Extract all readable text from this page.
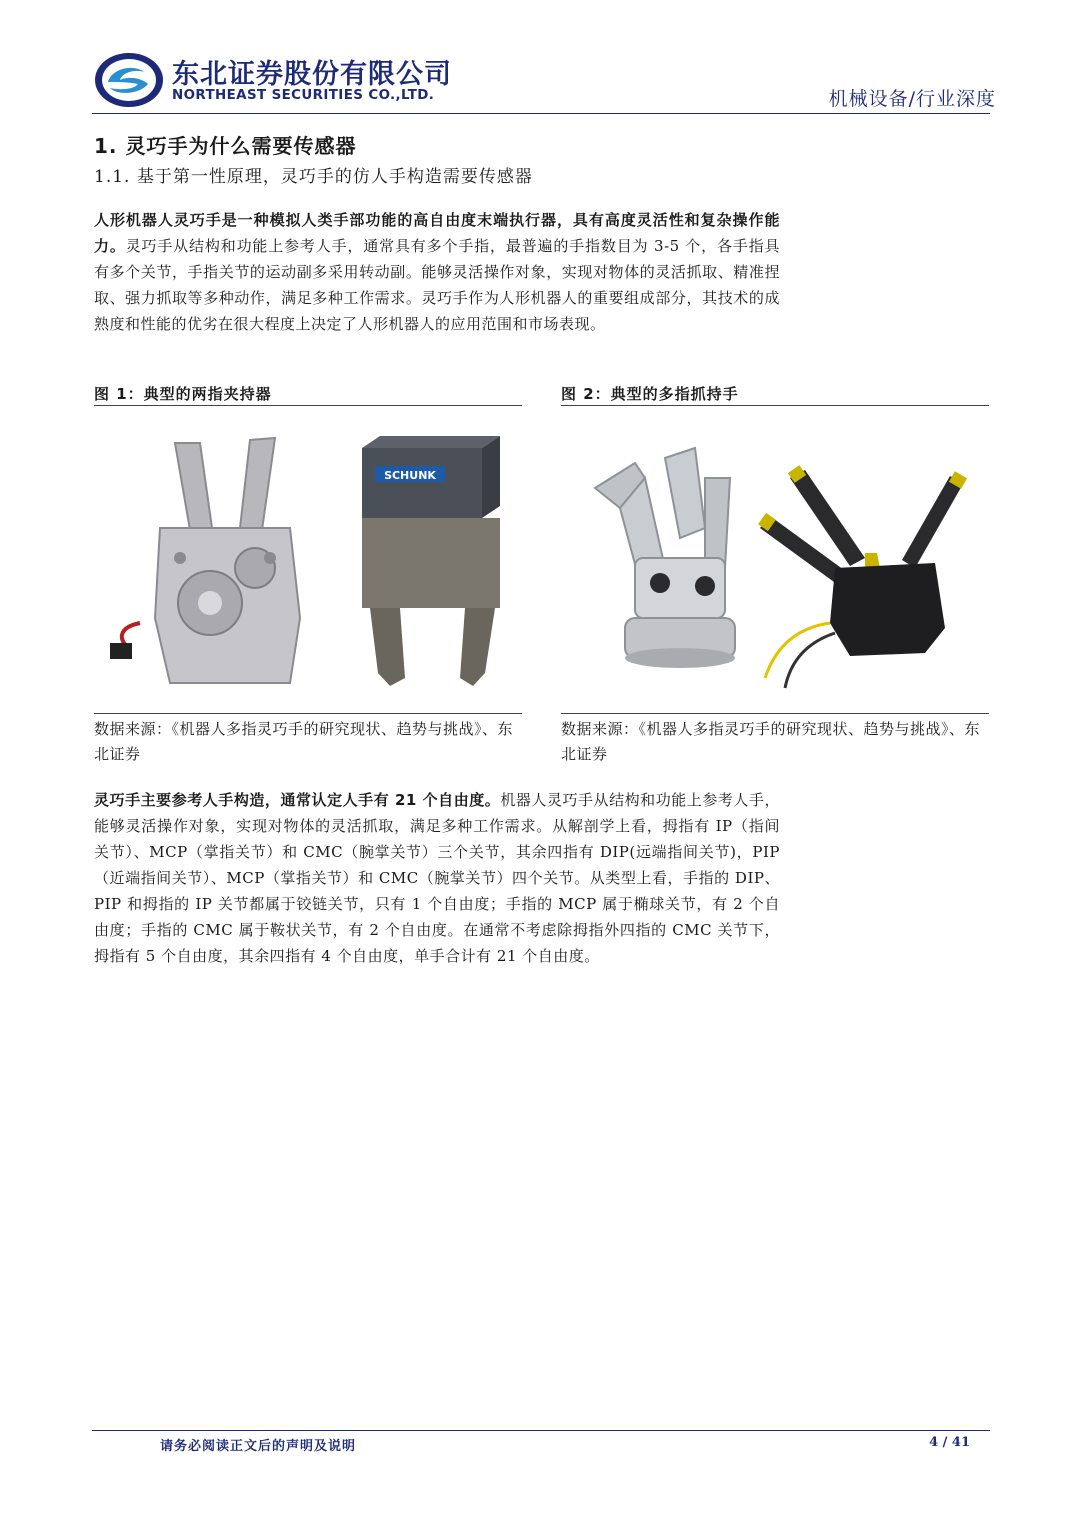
东北证券股份有限公司
NORTHEAST SECURITIES CO.,LTD.	机械设备/行业深度
1. 灵巧手为什么需要传感器
1.1. 基于第一性原理，灵巧手的仿人手构造需要传感器
人形机器人灵巧手是一种模拟人类手部功能的高自由度末端执行器，具有高度灵活性和复杂操作能力。灵巧手从结构和功能上参考人手，通常具有多个手指，最普遍的手指数目为 3-5 个，各手指具有多个关节，手指关节的运动副多采用转动副。能够灵活操作对象，实现对物体的灵活抓取、精准捏取、强力抓取等多种动作，满足多种工作需求。灵巧手作为人形机器人的重要组成部分，其技术的成熟度和性能的优劣在很大程度上决定了人形机器人的应用范围和市场表现。
图 1：典型的两指夹持器
SCHUNK
数据来源：《机器人多指灵巧手的研究现状、趋势与挑战》、东北证券
图 2：典型的多指抓持手
数据来源：《机器人多指灵巧手的研究现状、趋势与挑战》、东北证券
灵巧手主要参考人手构造，通常认定人手有 21 个自由度。机器人灵巧手从结构和功能上参考人手，能够灵活操作对象，实现对物体的灵活抓取，满足多种工作需求。从解剖学上看，拇指有 IP（指间关节）、MCP（掌指关节）和 CMC（腕掌关节）三个关节，其余四指有 DIP(远端指间关节)，PIP（近端指间关节）、MCP（掌指关节）和 CMC（腕掌关节）四个关节。从类型上看，手指的 DIP、PIP 和拇指的 IP 关节都属于铰链关节，只有 1 个自由度；手指的 MCP 属于椭球关节，有 2 个自由度；手指的 CMC 属于鞍状关节，有 2 个自由度。在通常不考虑除拇指外四指的 CMC 关节下，拇指有 5 个自由度，其余四指有 4 个自由度，单手合计有 21 个自由度。
请务必阅读正文后的声明及说明	4 / 41
